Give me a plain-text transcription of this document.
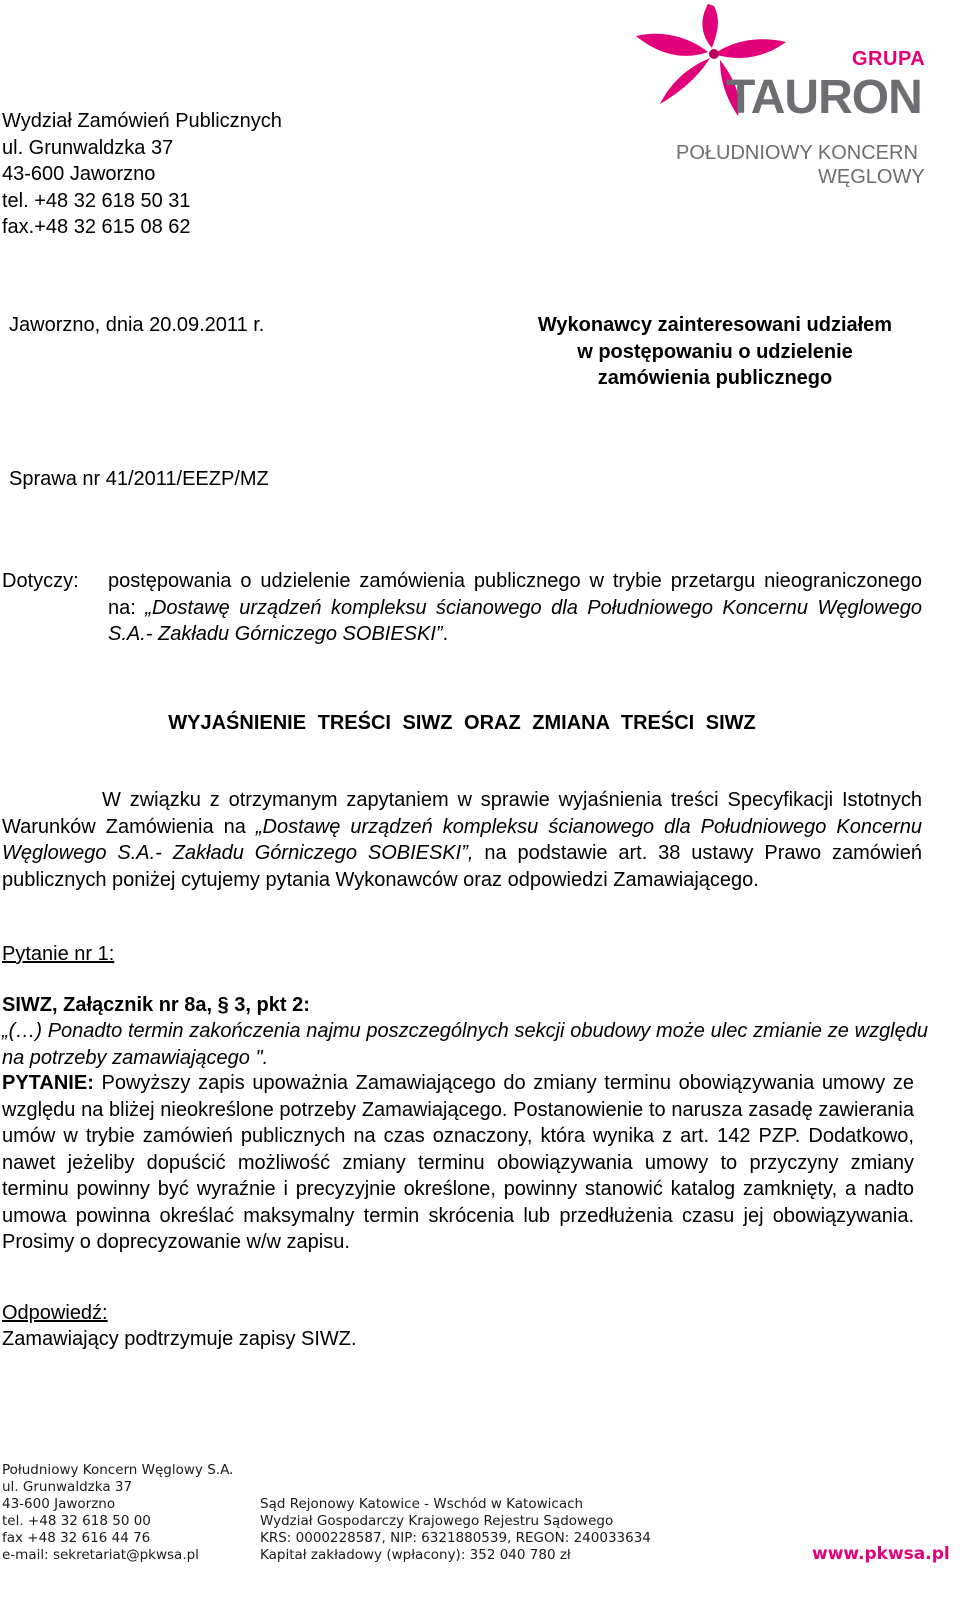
Wydział Zamówień Publicznych
ul. Grunwaldzka 37
43-600 Jaworzno
tel. +48 32 618 50 31
fax.+48 32 615 08 62
GRUPA
TAURON
POŁUDNIOWY KONCERN
WĘGLOWY
Jaworzno, dnia 20.09.2011 r.	Wykonawcy zainteresowani udziałem
w postępowaniu o udzielenie
zamówienia publicznego
Sprawa nr 41/2011/EEZP/MZ
Dotyczy: postępowania o udzielenie zamówienia publicznego w trybie przetargu nieograniczonego na: „Dostawę urządzeń kompleksu ścianowego dla Południowego Koncernu Węglowego S.A.- Zakładu Górniczego SOBIESKI”.
WYJAŚNIENIE TREŚCI SIWZ ORAZ ZMIANA TREŚCI SIWZ
W związku z otrzymanym zapytaniem w sprawie wyjaśnienia treści Specyfikacji Istotnych Warunków Zamówienia na „Dostawę urządzeń kompleksu ścianowego dla Południowego Koncernu Węglowego S.A.- Zakładu Górniczego SOBIESKI”, na podstawie art. 38 ustawy Prawo zamówień publicznych poniżej cytujemy pytania Wykonawców oraz odpowiedzi Zamawiającego.
Pytanie nr 1:
SIWZ, Załącznik nr 8a, § 3, pkt 2:
„(…) Ponadto termin zakończenia najmu poszczególnych sekcji obudowy może ulec zmianie ze względu na potrzeby zamawiającego ".
PYTANIE: Powyższy zapis upoważnia Zamawiającego do zmiany terminu obowiązywania umowy ze względu na bliżej nieokreślone potrzeby Zamawiającego. Postanowienie to narusza zasadę zawierania umów w trybie zamówień publicznych na czas oznaczony, która wynika z art. 142 PZP. Dodatkowo, nawet jeżeliby dopuścić możliwość zmiany terminu obowiązywania umowy to przyczyny zmiany terminu powinny być wyraźnie i precyzyjnie określone, powinny stanowić katalog zamknięty, a nadto umowa powinna określać maksymalny termin skrócenia lub przedłużenia czasu jej obowiązywania. Prosimy o doprecyzowanie w/w zapisu.
Odpowiedź:
Zamawiający podtrzymuje zapisy SIWZ.
Południowy Koncern Węglowy S.A.
ul. Grunwaldzka 37
43-600 Jaworzno
tel. +48 32 618 50 00
fax +48 32 616 44 76
e-mail: sekretariat@pkwsa.pl
Sąd Rejonowy Katowice - Wschód w Katowicach
Wydział Gospodarczy Krajowego Rejestru Sądowego
KRS: 0000228587, NIP: 6321880539, REGON: 240033634
Kapitał zakładowy (wpłacony): 352 040 780 zł	www.pkwsa.pl
